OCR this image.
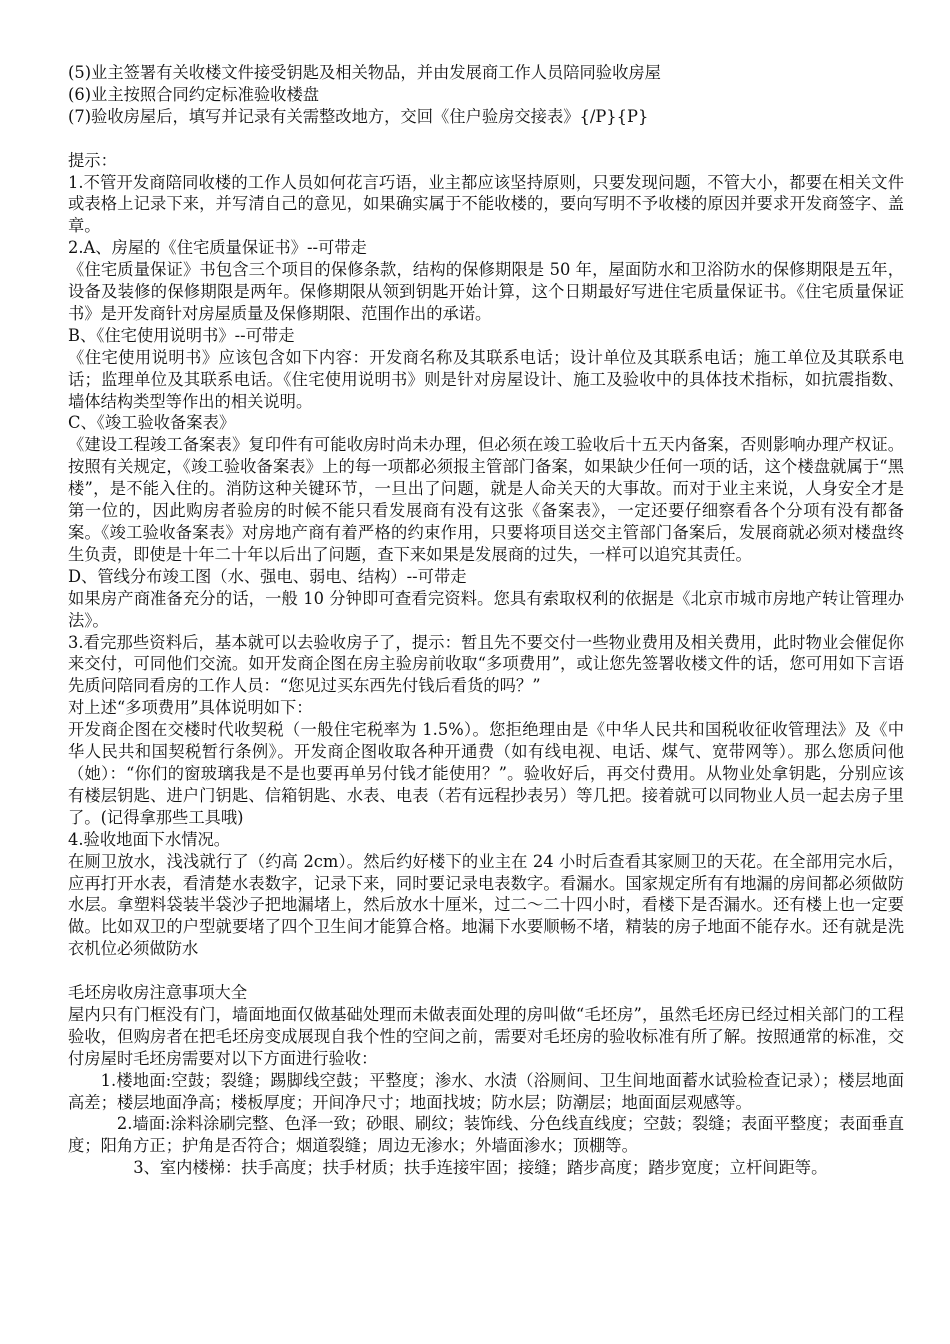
(5)业主签署有关收楼文件接受钥匙及相关物品，并由发展商工作人员陪同验收房屋

(6)业主按照合同约定标准验收楼盘

(7)验收房屋后，填写并记录有关需整改地方，交回《住户验房交接表》{/P}{P}

提示：

1.不管开发商陪同收楼的工作人员如何花言巧语，业主都应该坚持原则，只要发现问题，不管大小，都要在相关文件或表格上记录下来，并写清自己的意见，如果确实属于不能收楼的，要向写明不予收楼的原因并要求开发商签字、盖章。

2.A、房屋的《住宅质量保证书》--可带走

《住宅质量保证》书包含三个项目的保修条款，结构的保修期限是 50 年，屋面防水和卫浴防水的保修期限是五年，设备及装修的保修期限是两年。保修期限从领到钥匙开始计算，这个日期最好写进住宅质量保证书。《住宅质量保证书》是开发商针对房屋质量及保修期限、范围作出的承诺。

B、《住宅使用说明书》--可带走

《住宅使用说明书》应该包含如下内容：开发商名称及其联系电话；设计单位及其联系电话；施工单位及其联系电话；监理单位及其联系电话。《住宅使用说明书》则是针对房屋设计、施工及验收中的具体技术指标，如抗震指数、墙体结构类型等作出的相关说明。

C、《竣工验收备案表》

《建设工程竣工备案表》复印件有可能收房时尚未办理，但必须在竣工验收后十五天内备案，否则影响办理产权证。按照有关规定，《竣工验收备案表》上的每一项都必须报主管部门备案，如果缺少任何一项的话，这个楼盘就属于“黑楼”，是不能入住的。消防这种关键环节，一旦出了问题，就是人命关天的大事故。而对于业主来说，人身安全才是第一位的，因此购房者验房的时候不能只看发展商有没有这张《备案表》，一定还要仔细察看各个分项有没有都备案。《竣工验收备案表》对房地产商有着严格的约束作用，只要将项目送交主管部门备案后，发展商就必须对楼盘终生负责，即使是十年二十年以后出了问题，查下来如果是发展商的过失，一样可以追究其责任。

D、管线分布竣工图（水、强电、弱电、结构）--可带走

如果房产商准备充分的话，一般 10 分钟即可查看完资料。您具有索取权利的依据是《北京市城市房地产转让管理办法》。

3.看完那些资料后，基本就可以去验收房子了，提示：暂且先不要交付一些物业费用及相关费用，此时物业会催促你来交付，可同他们交流。如开发商企图在房主验房前收取“多项费用”，或让您先签署收楼文件的话，您可用如下言语先质问陪同看房的工作人员：“您见过买东西先付钱后看货的吗？”

对上述“多项费用”具体说明如下：

开发商企图在交楼时代收契税（一般住宅税率为 1.5%）。您拒绝理由是《中华人民共和国税收征收管理法》及《中华人民共和国契税暂行条例》。开发商企图收取各种开通费（如有线电视、电话、煤气、宽带网等）。那么您质问他（她）：“你们的窗玻璃我是不是也要再单另付钱才能使用？”。验收好后，再交付费用。从物业处拿钥匙，分别应该有楼层钥匙、进户门钥匙、信箱钥匙、水表、电表（若有远程抄表另）等几把。接着就可以同物业人员一起去房子里了。(记得拿那些工具哦)

4.验收地面下水情况。

在厕卫放水，浅浅就行了（约高 2cm）。然后约好楼下的业主在 24 小时后查看其家厕卫的天花。在全部用完水后，应再打开水表，看清楚水表数字，记录下来，同时要记录电表数字。看漏水。国家规定所有有地漏的房间都必须做防水层。拿塑料袋装半袋沙子把地漏堵上，然后放水十厘米，过二～二十四小时，看楼下是否漏水。还有楼上也一定要做。比如双卫的户型就要堵了四个卫生间才能算合格。地漏下水要顺畅不堵，精装的房子地面不能存水。还有就是洗衣机位必须做防水

毛坯房收房注意事项大全

屋内只有门框没有门，墙面地面仅做基础处理而未做表面处理的房叫做“毛坯房”，虽然毛坯房已经过相关部门的工程验收，但购房者在把毛坯房变成展现自我个性的空间之前，需要对毛坯房的验收标准有所了解。按照通常的标准，交付房屋时毛坯房需要对以下方面进行验收：

1.楼地面:空鼓；裂缝；踢脚线空鼓；平整度；渗水、水渍（浴厕间、卫生间地面蓄水试验检查记录）；楼层地面高差；楼层地面净高；楼板厚度；开间净尺寸；地面找坡；防水层；防潮层；地面面层观感等。

2.墙面:涂料涂刷完整、色泽一致；砂眼、刷纹；装饰线、分色线直线度；空鼓；裂缝；表面平整度；表面垂直度；阳角方正；护角是否符合；烟道裂缝；周边无渗水；外墙面渗水；顶棚等。

3、室内楼梯：扶手高度；扶手材质；扶手连接牢固；接缝；踏步高度；踏步宽度；立杆间距等。
